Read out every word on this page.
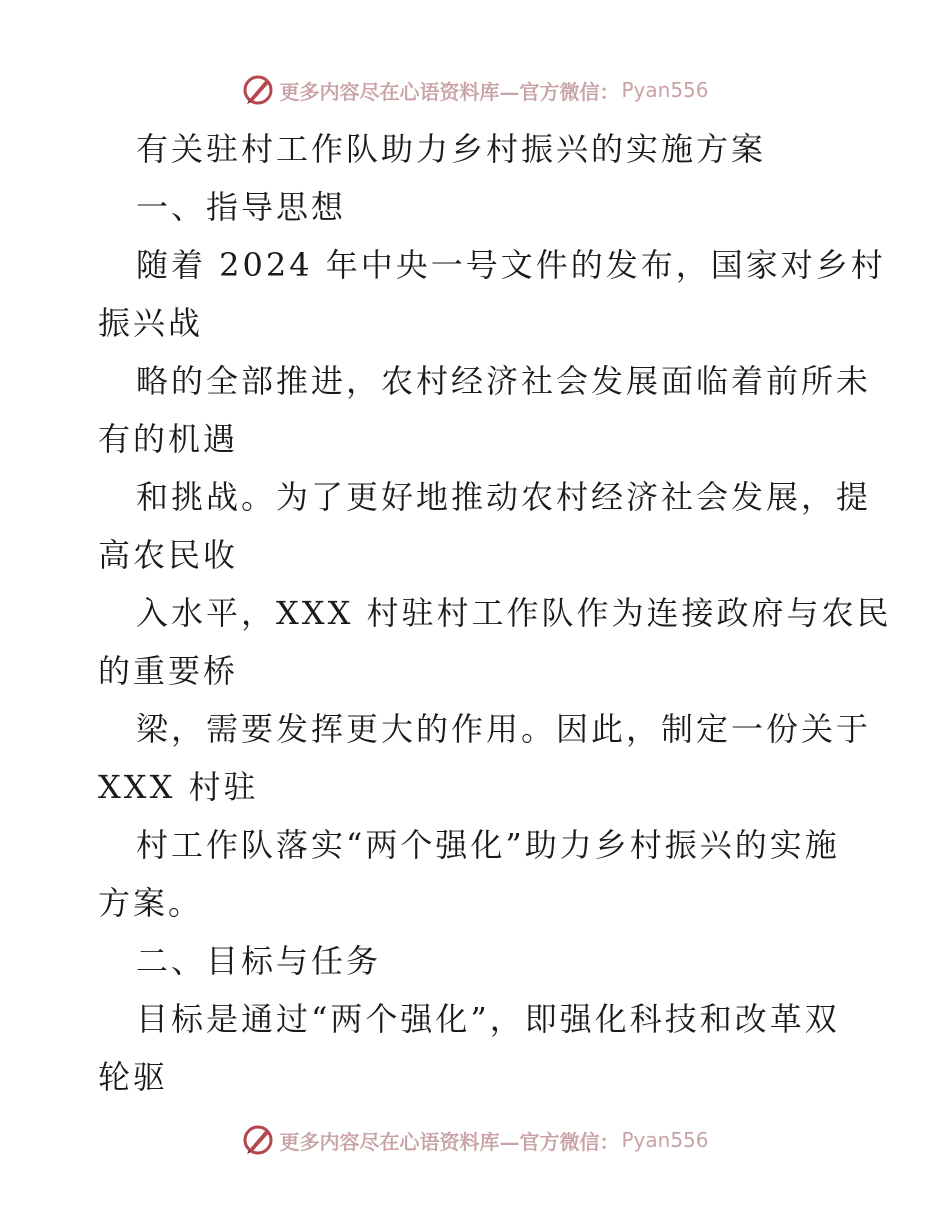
更多内容尽在心语资料库—官方微信： Pyan556
有关驻村工作队助力乡村振兴的实施方案
一、指导思想
随着 2024 年中央一号文件的发布，国家对乡村
振兴战
略的全部推进，农村经济社会发展面临着前所未
有的机遇
和挑战。为了更好地推动农村经济社会发展，提
高农民收
入水平，XXX 村驻村工作队作为连接政府与农民
的重要桥
梁，需要发挥更大的作用。因此，制定一份关于
XXX 村驻
村工作队落实“两个强化”助力乡村振兴的实施
方案。
二、目标与任务
目标是通过“两个强化”，即强化科技和改革双
轮驱
更多内容尽在心语资料库—官方微信： Pyan556
